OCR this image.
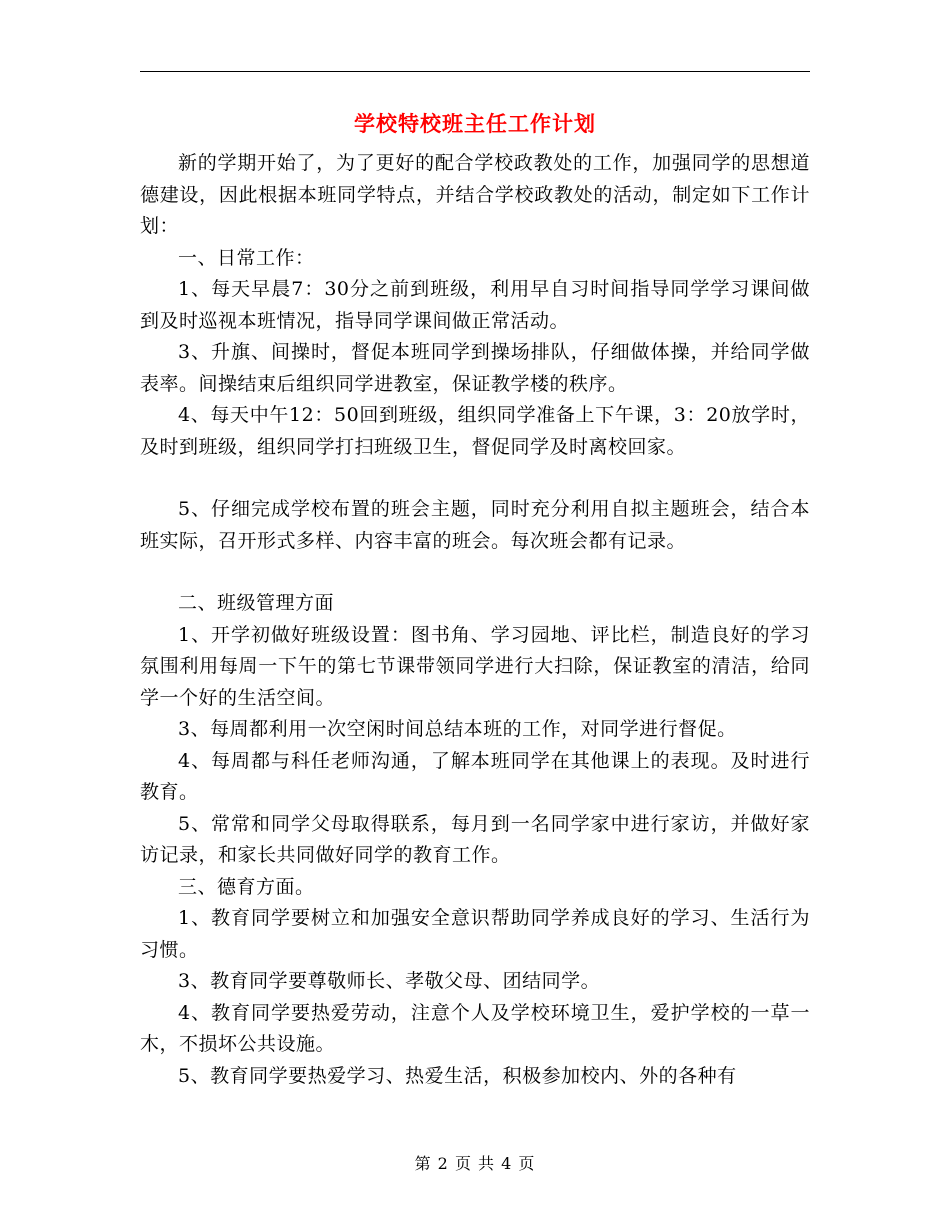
学校特校班主任工作计划

新的学期开始了，为了更好的配合学校政教处的工作，加强同学的思想道德建设，因此根据本班同学特点，并结合学校政教处的活动，制定如下工作计划：

一、日常工作：

1、每天早晨7：30分之前到班级，利用早自习时间指导同学学习课间做到及时巡视本班情况，指导同学课间做正常活动。

3、升旗、间操时，督促本班同学到操场排队，仔细做体操，并给同学做表率。间操结束后组织同学进教室，保证教学楼的秩序。

4、每天中午12：50回到班级，组织同学准备上下午课，3：20放学时，及时到班级，组织同学打扫班级卫生，督促同学及时离校回家。

5、仔细完成学校布置的班会主题，同时充分利用自拟主题班会，结合本班实际，召开形式多样、内容丰富的班会。每次班会都有记录。

二、班级管理方面

1、开学初做好班级设置：图书角、学习园地、评比栏，制造良好的学习氛围利用每周一下午的第七节课带领同学进行大扫除，保证教室的清洁，给同学一个好的生活空间。

3、每周都利用一次空闲时间总结本班的工作，对同学进行督促。

4、每周都与科任老师沟通，了解本班同学在其他课上的表现。及时进行教育。

5、常常和同学父母取得联系，每月到一名同学家中进行家访，并做好家访记录，和家长共同做好同学的教育工作。

三、德育方面。

1、教育同学要树立和加强安全意识帮助同学养成良好的学习、生活行为习惯。

3、教育同学要尊敬师长、孝敬父母、团结同学。

4、教育同学要热爱劳动，注意个人及学校环境卫生，爱护学校的一草一木，不损坏公共设施。

5、教育同学要热爱学习、热爱生活，积极参加校内、外的各种有

第 2 页 共 4 页
